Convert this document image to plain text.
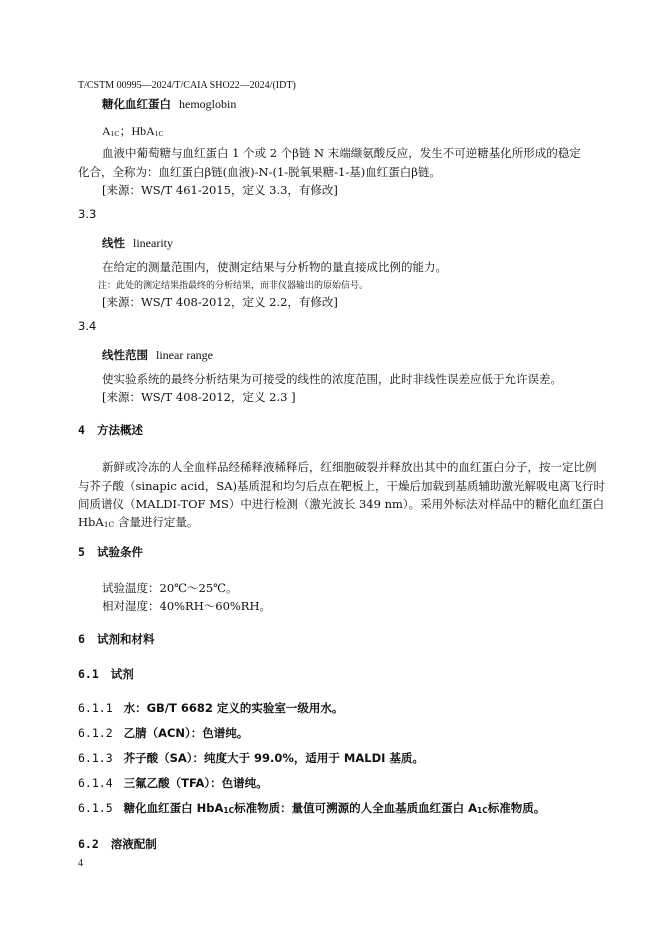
T/CSTM 00995—2024/T/CAIA SHO22—2024/(IDT)
糖化血红蛋白 hemoglobin
$A_{1C}$；HbA$_{1C}$
血液中葡萄糖与血红蛋白 1 个或 2 个β链 N 末端缬氨酸反应，发生不可逆糖基化所形成的稳定
化合，全称为：血红蛋白β链(血液)-N-(1-脱氧果糖-1-基)血红蛋白β链。
[来源：WS/T 461-2015，定义 3.3，有修改]
3.3
线性 linearity
在给定的测量范围内，使测定结果与分析物的量直接成比例的能力。
注：此处的测定结果指最终的分析结果，而非仪器输出的原始信号。
[来源：WS/T 408-2012，定义 2.2，有修改]
3.4
线性范围 linear range
使实验系统的最终分析结果为可接受的线性的浓度范围，此时非线性误差应低于允许误差。
[来源：WS/T 408-2012，定义 2.3 ]
4 方法概述
新鲜或冷冻的人全血样品经稀释液稀释后，红细胞破裂并释放出其中的血红蛋白分子，按一定比例
与芥子酸（sinapic acid，SA)基质混和均匀后点在靶板上，干燥后加载到基质辅助激光解吸电离飞行时
间质谱仪（MALDI-TOF MS）中进行检测（激光波长 349 nm）。采用外标法对样品中的糖化血红蛋白
HbA$_{1C}$ 含量进行定量。
5 试验条件
试验温度：20℃～25℃。
相对湿度：40%RH～60%RH。
6 试剂和材料
6.1 试剂
6.1.1 水：GB/T 6682 定义的实验室一级用水。
6.1.2 乙腈（ACN）：色谱纯。
6.1.3 芥子酸（SA）：纯度大于 99.0%，适用于 MALDI 基质。
6.1.4 三氟乙酸（TFA）：色谱纯。
6.1.5 糖化血红蛋白 HbA$_{1C}$标准物质：量值可溯源的人全血基质血红蛋白 $A_{1C}$标准物质。
6.2 溶液配制
4
